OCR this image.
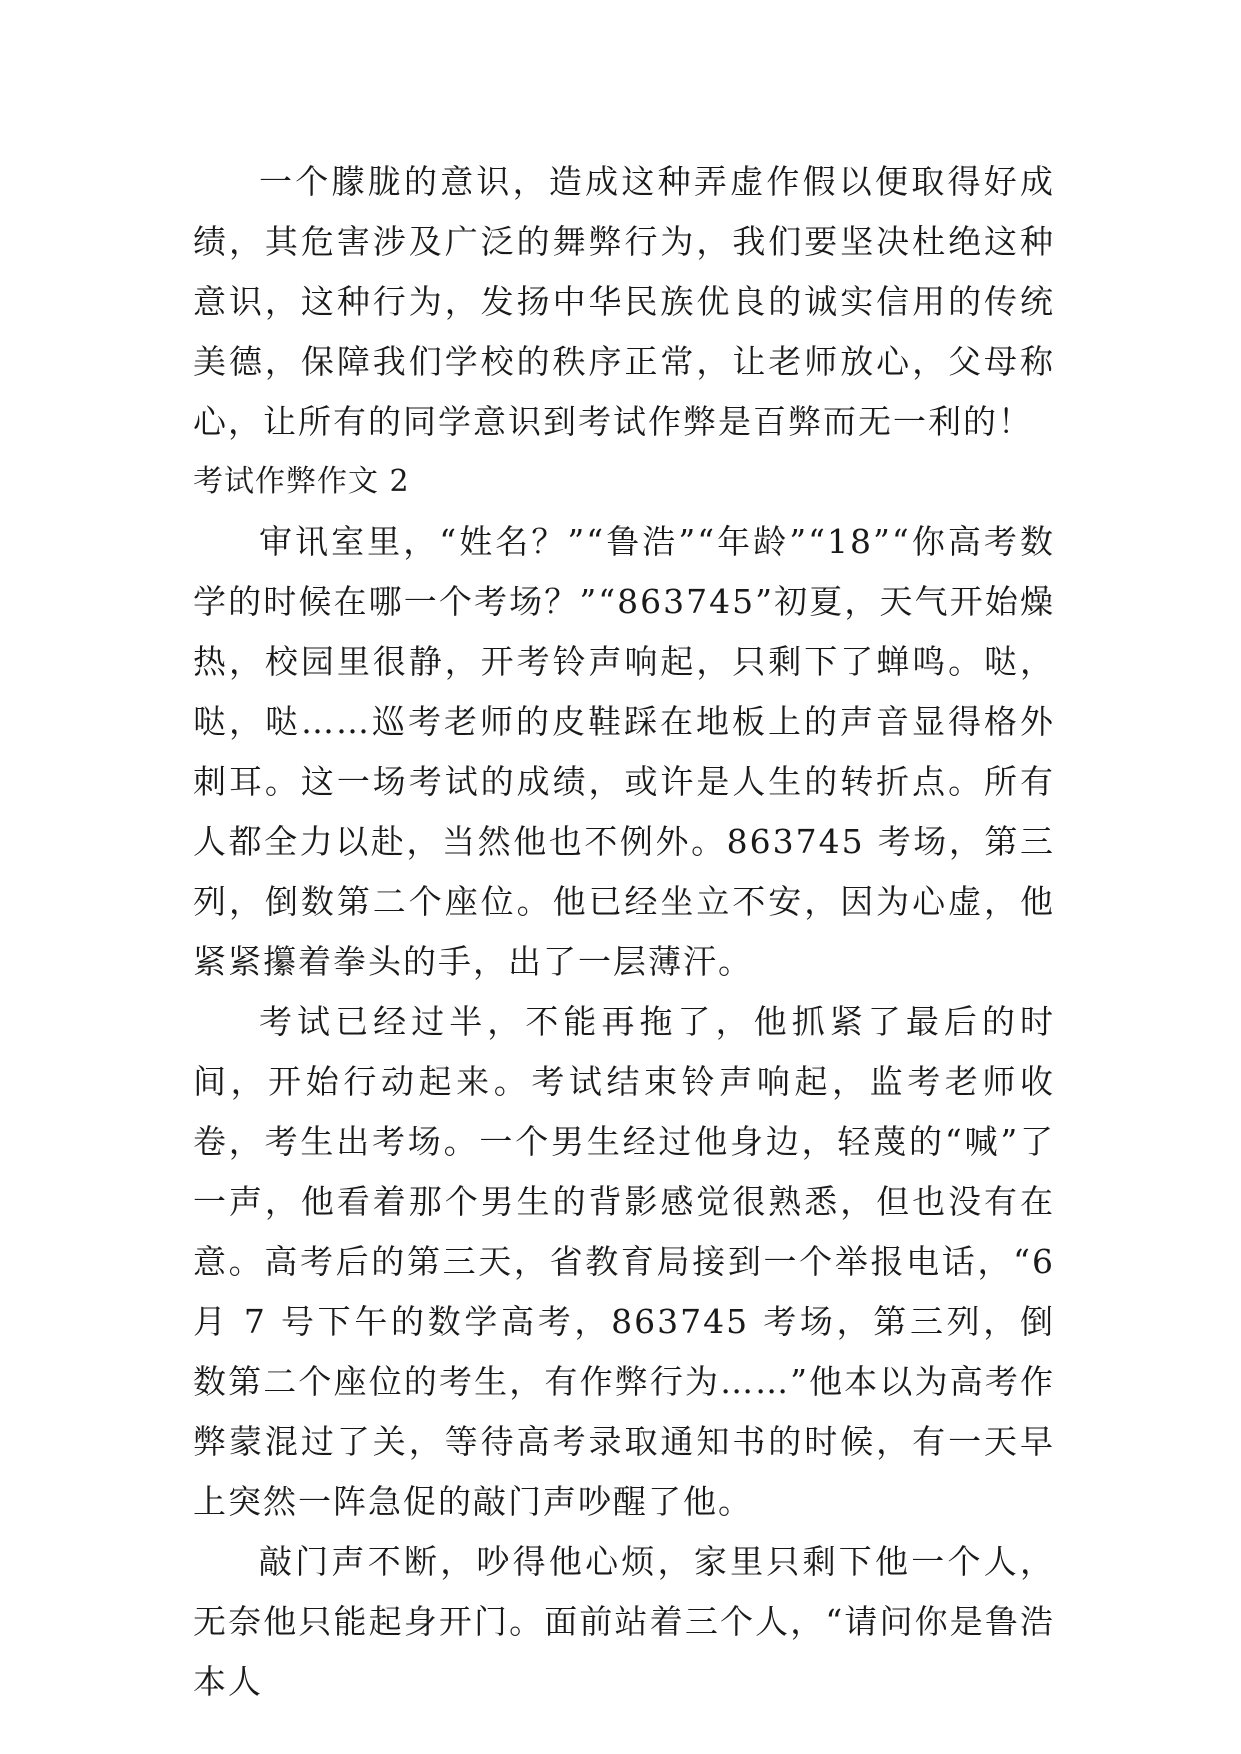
一个朦胧的意识，造成这种弄虚作假以便取得好成绩，其危害涉及广泛的舞弊行为，我们要坚决杜绝这种意识，这种行为，发扬中华民族优良的诚实信用的传统美德，保障我们学校的秩序正常，让老师放心，父母称心，让所有的同学意识到考试作弊是百弊而无一利的！

考试作弊作文 2

审讯室里，“姓名？”“鲁浩”“年龄”“18”“你高考数学的时候在哪一个考场？”“863745”初夏，天气开始燥热，校园里很静，开考铃声响起，只剩下了蝉鸣。哒，哒，哒……巡考老师的皮鞋踩在地板上的声音显得格外刺耳。这一场考试的成绩，或许是人生的转折点。所有人都全力以赴，当然他也不例外。863745 考场，第三列，倒数第二个座位。他已经坐立不安，因为心虚，他紧紧攥着拳头的手，出了一层薄汗。

考试已经过半，不能再拖了，他抓紧了最后的时间，开始行动起来。考试结束铃声响起，监考老师收卷，考生出考场。一个男生经过他身边，轻蔑的“喊”了一声，他看着那个男生的背影感觉很熟悉，但也没有在意。高考后的第三天，省教育局接到一个举报电话，“6 月 7 号下午的数学高考，863745 考场，第三列，倒数第二个座位的考生，有作弊行为……”他本以为高考作弊蒙混过了关，等待高考录取通知书的时候，有一天早上突然一阵急促的敲门声吵醒了他。

敲门声不断，吵得他心烦，家里只剩下他一个人，无奈他只能起身开门。面前站着三个人，“请问你是鲁浩本人
